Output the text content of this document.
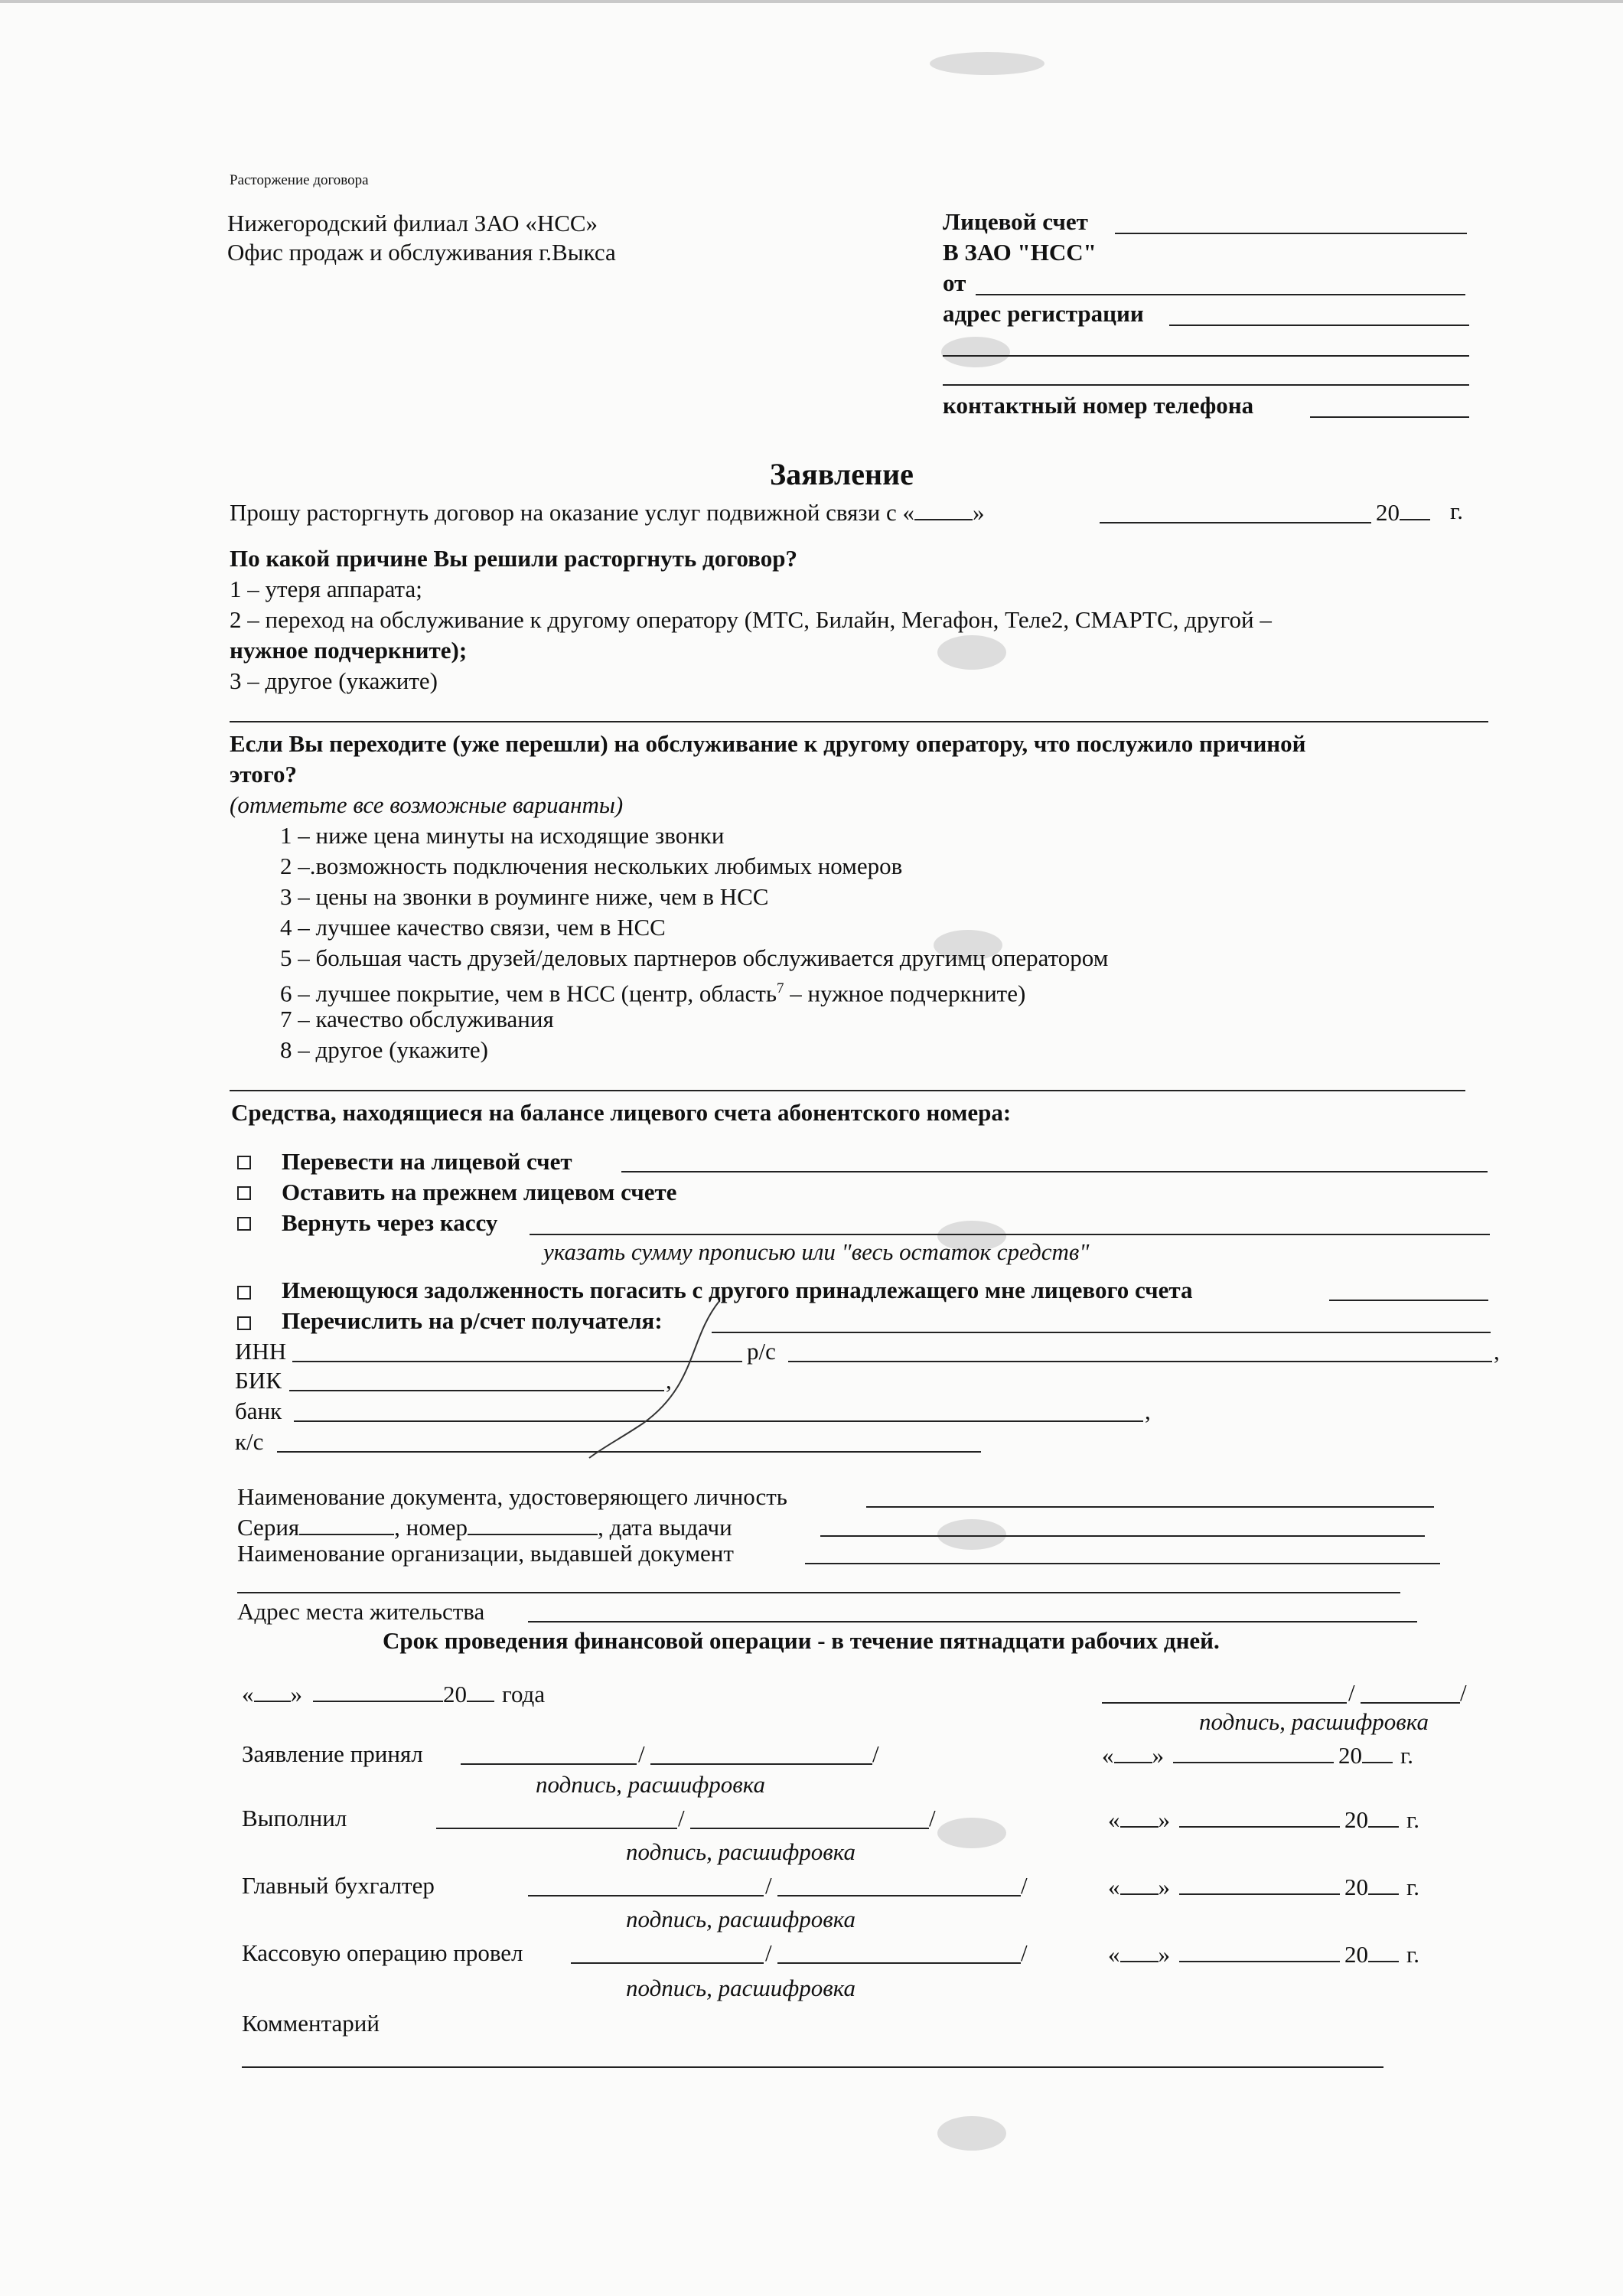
Расторжение договора
Нижегородский филиал ЗАО «НСС»
Офис продаж и обслуживания г.Выкса
Лицевой счет
В ЗАО "НСС"
от
адрес регистрации
контактный номер телефона
Заявление
Прошу расторгнуть договор на оказание услуг подвижной связи с « »	20	г.
По какой причине Вы решили расторгнуть договор?
1 – утеря аппарата;
2 – переход на обслуживание к другому оператору (МТС, Билайн, Мегафон, Теле2, СМАРТС, другой –
нужное подчеркните);
3 – другое (укажите)
Если Вы переходите (уже перешли) на обслуживание к другому оператору, что послужило причиной
этого?
(отметьте все возможные варианты)
1 – ниже цена минуты на исходящие звонки
2 –.возможность подключения нескольких любимых номеров
3 – цены на звонки в роуминге ниже, чем в НСС
4 – лучшее качество связи, чем в НСС
5 – большая часть друзей/деловых партнеров обслуживается другимц оператором
6 – лучшее покрытие, чем в НСС (центр, область$^7$ – нужное подчеркните)
7 – качество обслуживания
8 – другое (укажите)
Средства, находящиеся на балансе лицевого счета абонентского номера:
Перевести на лицевой счет
Оставить на прежнем лицевом счете
Вернуть через кассу
указать сумму прописью или "весь остаток средств"
Имеющуюся задолженность погасить с другого принадлежащего мне лицевого счета
Перечислить на р/счет получателя:
ИНН	р/с	,
БИК	,
банк	,
к/с
Наименование документа, удостоверяющего личность
Серия	, номер	, дата выдачи
Наименование организации, выдавшей документ
Адрес места жительства
Срок проведения финансовой операции - в течение пятнадцати рабочих дней.
« »	20 года	/	/
подпись, расшифровка
Заявление принял	/	/
подпись, расшифровка
« »	20 г.
Выполнил	/	/
подпись, расшифровка
« »	20 г.
Главный бухгалтер	/	/
подпись, расшифровка
« »	20 г.
Кассовую операцию провел	/	/
подпись, расшифровка
« »	20 г.
Комментарий
